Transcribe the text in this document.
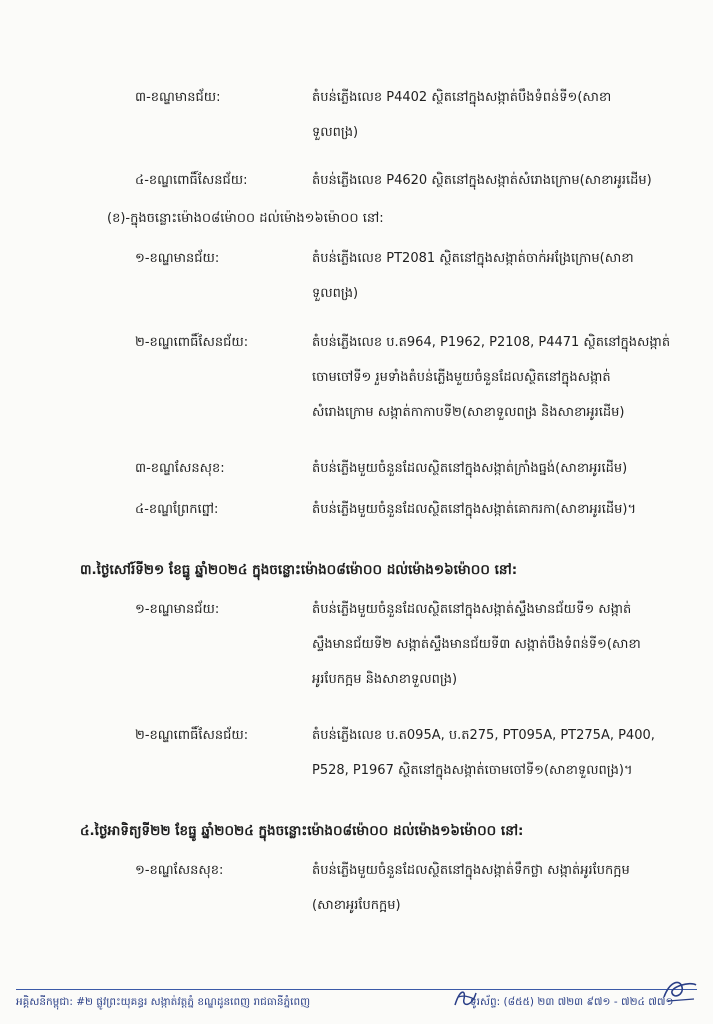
៣-ខណ្ឌមានជ័យ:	តំបន់ភ្លើងលេខ P4402 ស្ថិតនៅក្នុងសង្កាត់បឹងទំពន់ទី១(សាខា
ទួលពង្រ)
៤-ខណ្ឌពោធិ៍សែនជ័យ:	តំបន់ភ្លើងលេខ P4620 ស្ថិតនៅក្នុងសង្កាត់សំរោងក្រោម(សាខាអូរដើម)
(ខ)-ក្នុងចន្លោះម៉ោង០៨ម៉ោ០០ ដល់ម៉ោង១៦ម៉ោ០០ នៅ:
១-ខណ្ឌមានជ័យ:	តំបន់ភ្លើងលេខ PT2081 ស្ថិតនៅក្នុងសង្កាត់ចាក់អង្រែក្រោម(សាខា
ទួលពង្រ)
២-ខណ្ឌពោធិ៍សែនជ័យ:	តំបន់ភ្លើងលេខ ប.ត964, P1962, P2108, P4471 ស្ថិតនៅក្នុងសង្កាត់
ចោមចៅទី១ រួមទាំងតំបន់ភ្លើងមួយចំនួនដែលស្ថិតនៅក្នុងសង្កាត់
សំរោងក្រោម សង្កាត់កាកាបទី២(សាខាទួលពង្រ និងសាខាអូរដើម)
៣-ខណ្ឌសែនសុខ:	តំបន់ភ្លើងមួយចំនួនដែលស្ថិតនៅក្នុងសង្កាត់ក្រាំងធ្នង់(សាខាអូរដើម)
៤-ខណ្ឌព្រែកព្នៅ:	តំបន់ភ្លើងមួយចំនួនដែលស្ថិតនៅក្នុងសង្កាត់គោករកា(សាខាអូរដើម)។
៣.ថ្ងៃសៅរ៍ទី២១ ខែធ្នូ ឆ្នាំ២០២៤ ក្នុងចន្លោះម៉ោង០៨ម៉ោ០០ ដល់ម៉ោង១៦ម៉ោ០០ នៅ:
១-ខណ្ឌមានជ័យ:	តំបន់ភ្លើងមួយចំនួនដែលស្ថិតនៅក្នុងសង្កាត់ស្ទឹងមានជ័យទី១ សង្កាត់
ស្ទឹងមានជ័យទី២ សង្កាត់ស្ទឹងមានជ័យទី៣ សង្កាត់បឹងទំពន់ទី១(សាខា
អូរបែកក្អម និងសាខាទួលពង្រ)
២-ខណ្ឌពោធិ៍សែនជ័យ:	តំបន់ភ្លើងលេខ ប.ត095A, ប.ត275, PT095A, PT275A, P400,
P528, P1967 ស្ថិតនៅក្នុងសង្កាត់ចោមចៅទី១(សាខាទួលពង្រ)។
៤.ថ្ងៃអាទិត្យទី២២ ខែធ្នូ ឆ្នាំ២០២៤ ក្នុងចន្លោះម៉ោង០៨ម៉ោ០០ ដល់ម៉ោង១៦ម៉ោ០០ នៅ:
១-ខណ្ឌសែនសុខ:	តំបន់ភ្លើងមួយចំនួនដែលស្ថិតនៅក្នុងសង្កាត់ទឹកថ្លា សង្កាត់អូរបែកក្អម
(សាខាអូរបែកក្អម)
អគ្គិសនីកម្ពុជា: #២ ផ្លូវព្រះយុគន្ធរ សង្កាត់វត្តភ្នំ ខណ្ឌដូនពេញ រាជធានីភ្នំពេញ	ទូរស័ព្ទ: (៨៥៥) ២៣ ៧២៣ ៩៧១ - ៧២៤ ៧៧១
